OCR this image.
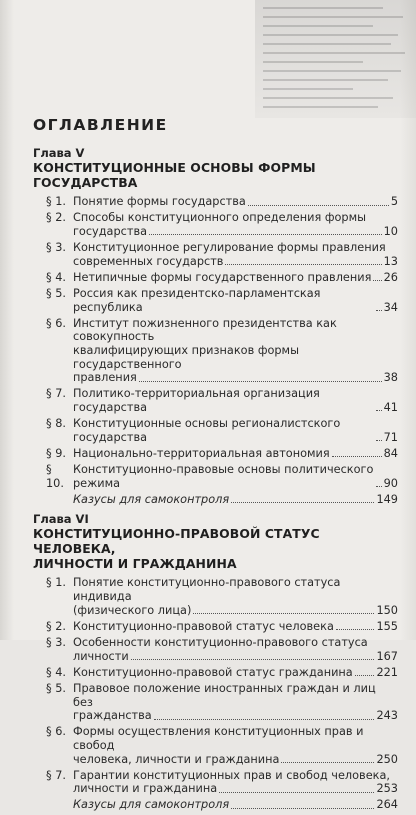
ОГЛАВЛЕНИЕ
Глава V
КОНСТИТУЦИОННЫЕ ОСНОВЫ ФОРМЫ ГОСУДАРСТВА
§ 1. Понятие формы государства	5
§ 2. Способы конституционного определения формы
государства	10
§ 3. Конституционное регулирование формы правления
современных государств	13
§ 4. Нетипичные формы государственного правления 26
§ 5. Россия как президентско-парламентская республика	34
§ 6. Институт пожизненного президентства как совокупность
квалифицирующих признаков формы государственного
правления	38
§ 7. Политико-территориальная организация государства	41
§ 8. Конституционные основы регионалистского государства	71
§ 9. Национально-территориальная автономия	84
§ 10.
Конституционно-правовые основы политического режима	90
Казусы для самоконтроля	149
Глава VI
КОНСТИТУЦИОННО-ПРАВОВОЙ СТАТУС ЧЕЛОВЕКА,
ЛИЧНОСТИ И ГРАЖДАНИНА
§ 1. Понятие конституционно-правового статуса индивида
(физического лица)	150
§ 2. Конституционно-правовой статус человека	155
§ 3. Особенности конституционно-правового статуса
личности	167
§ 4. Конституционно-правовой статус гражданина 221
§ 5. Правовое положение иностранных граждан и лиц без
гражданства	243
§ 6. Формы осуществления конституционных прав и свобод
человека, личности и гражданина	250
§ 7. Гарантии конституционных прав и свобод человека,
личности и гражданина	253
Казусы для самоконтроля	264
